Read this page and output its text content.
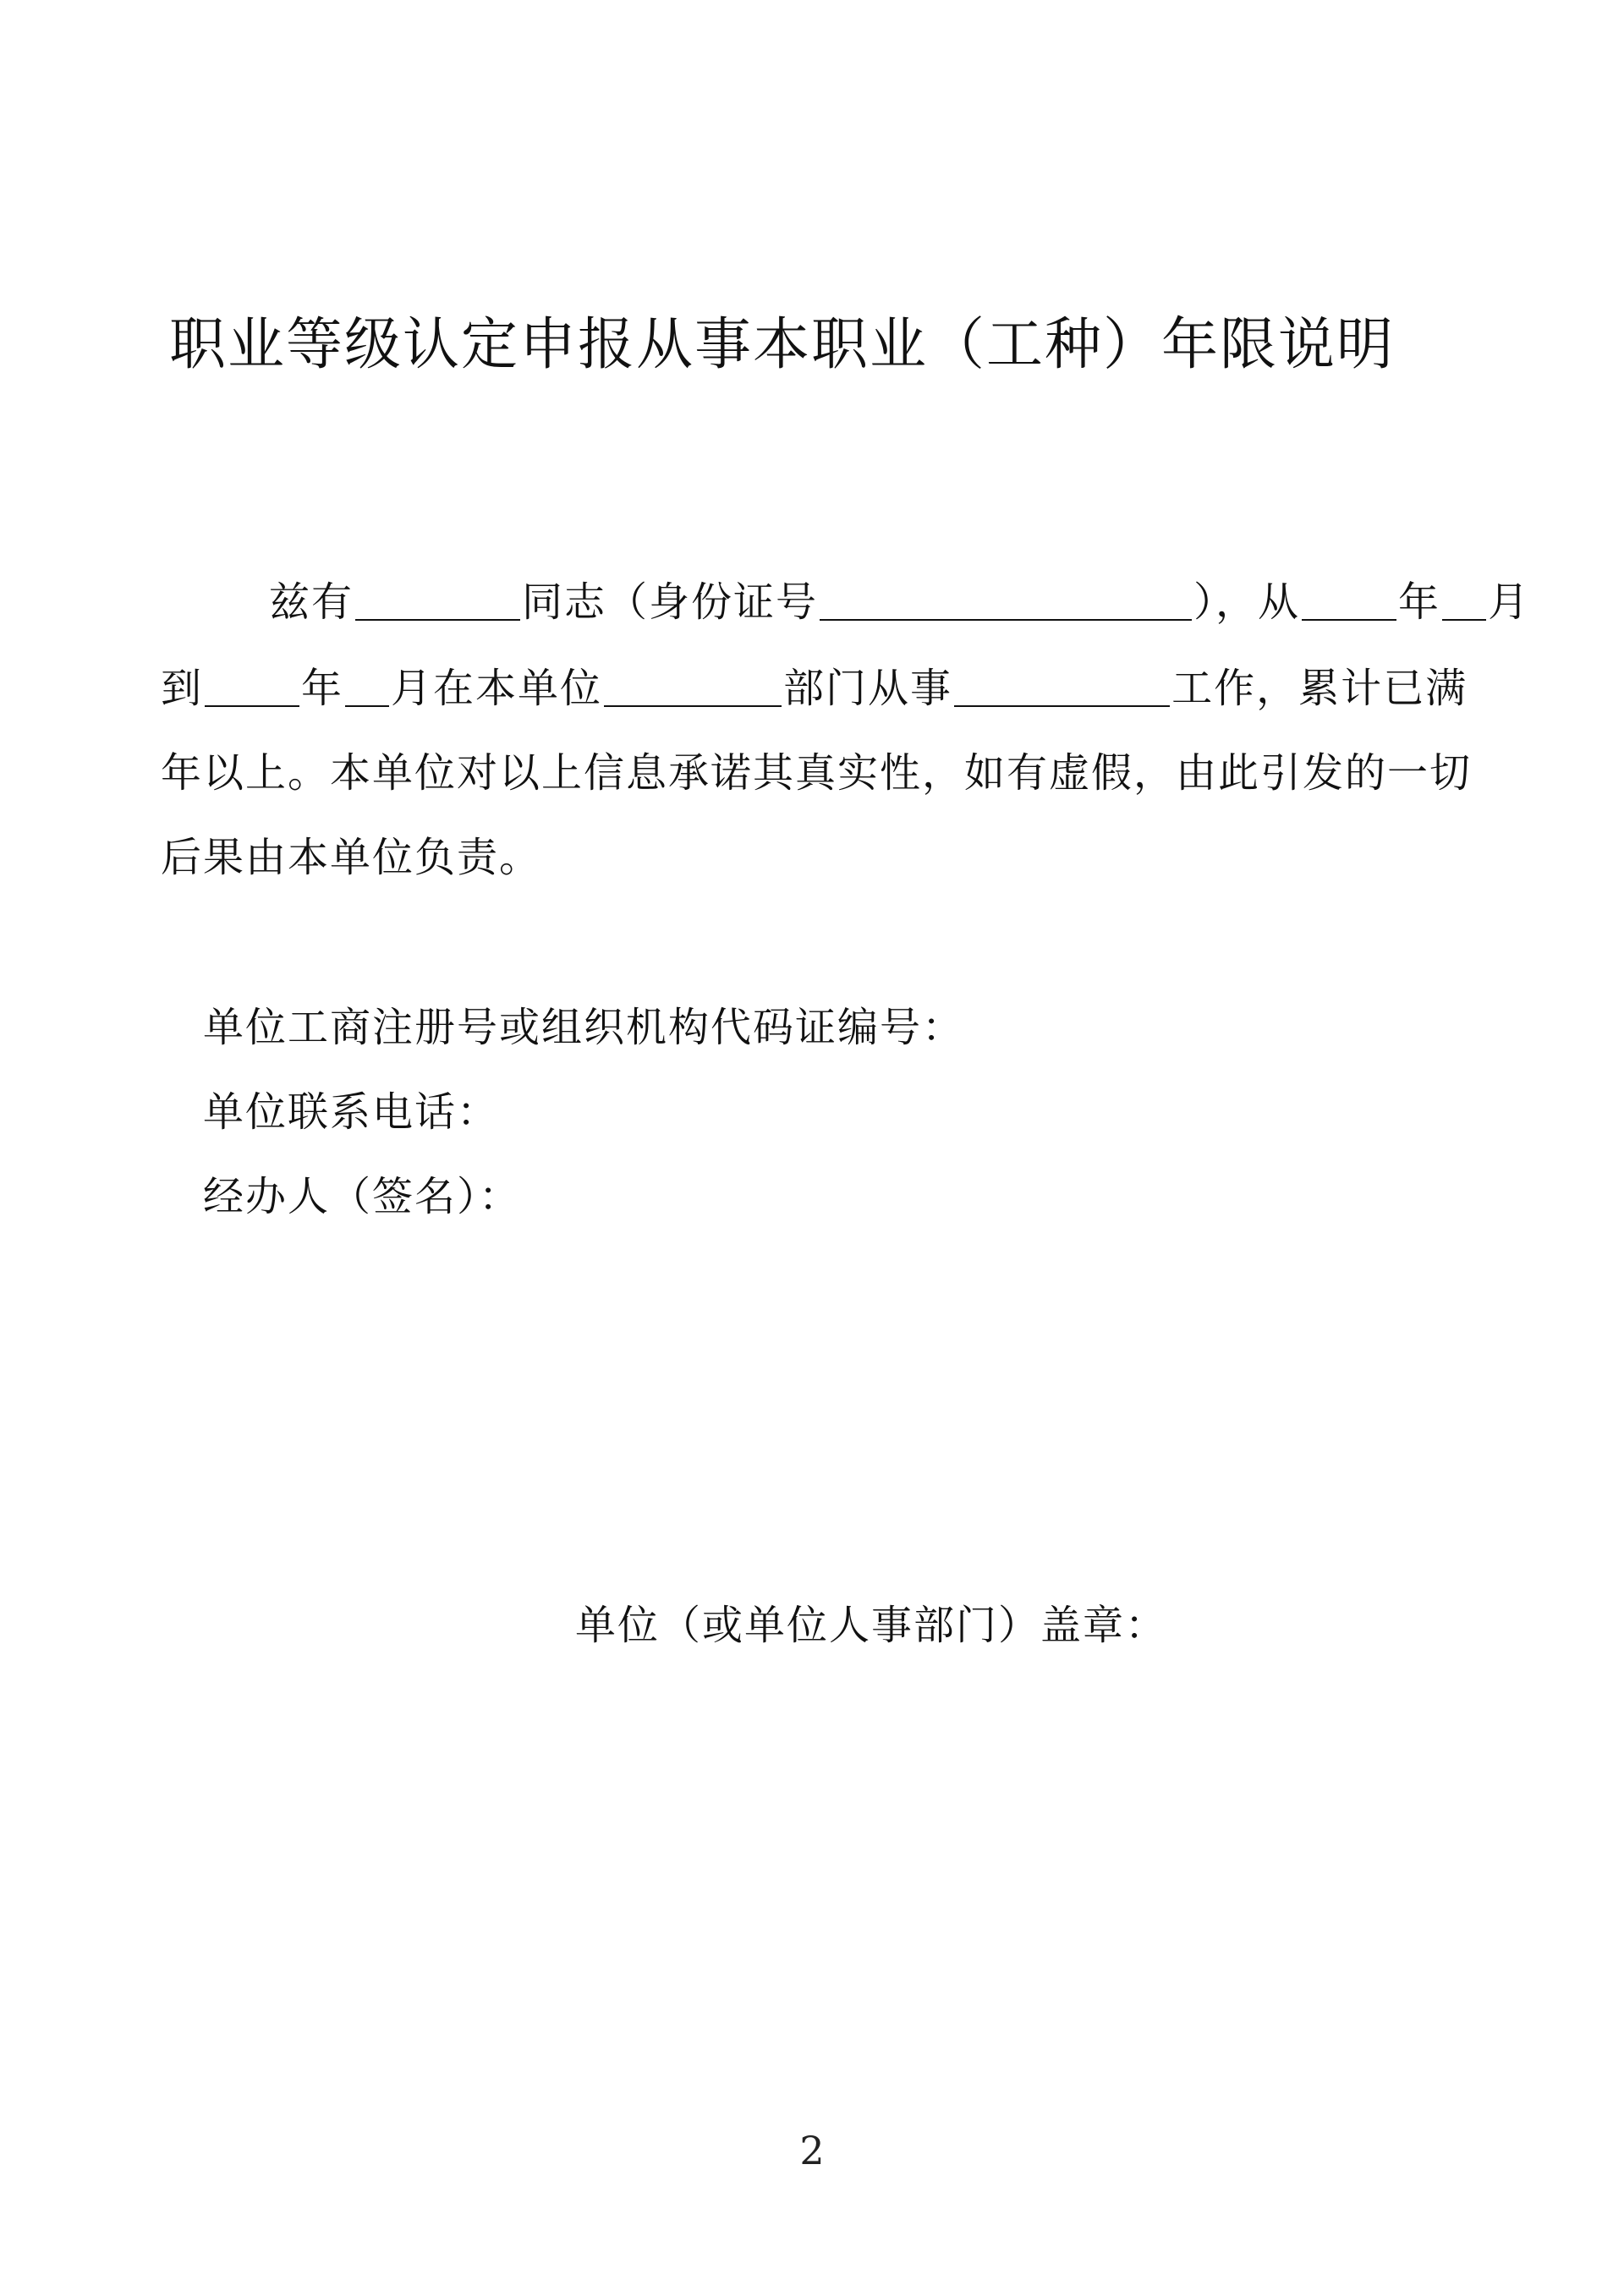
职业等级认定申报从事本职业（工种）年限说明
兹有	同志（身份证号	），从 年 月
到 年 月在本单位	部门从事	工作，累计已满
年以上。本单位对以上信息承诺其真实性，如有虚假，由此引发的一切
后果由本单位负责。
单位工商注册号或组织机构代码证编号：
单位联系电话：
经办人（签名）：
单位（或单位人事部门）盖章：
2
